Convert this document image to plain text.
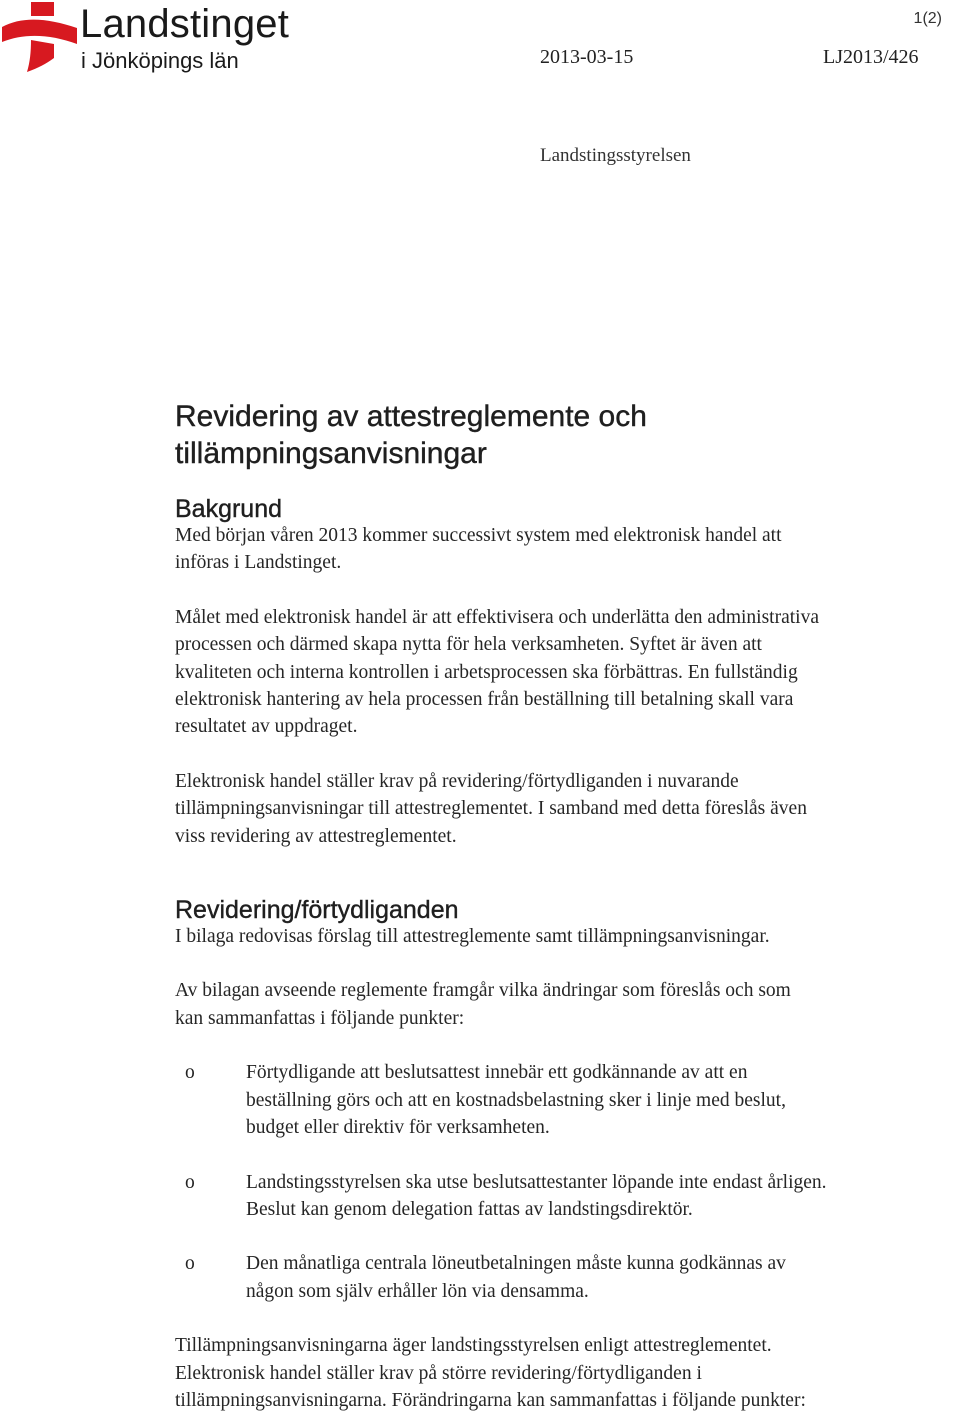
Landstinget
i Jönköpings län
1(2)
2013-03-15	LJ2013/426
Landstingsstyrelsen
Revidering av attestreglemente och
tillämpningsanvisningar
Bakgrund

Med början våren 2013 kommer successivt system med elektronisk handel att
införas i Landstinget.

Målet med elektronisk handel är att effektivisera och underlätta den administrativa
processen och därmed skapa nytta för hela verksamheten. Syftet är även att
kvaliteten och interna kontrollen i arbetsprocessen ska förbättras. En fullständig
elektronisk hantering av hela processen från beställning till betalning skall vara
resultatet av uppdraget.

Elektronisk handel ställer krav på revidering/förtydliganden i nuvarande
tillämpningsanvisningar till attestreglementet. I samband med detta föreslås även
viss revidering av attestreglementet.

Revidering/förtydliganden

I bilaga redovisas förslag till attestreglemente samt tillämpningsanvisningar.

Av bilagan avseende reglemente framgår vilka ändringar som föreslås och som
kan sammanfattas i följande punkter:

o	Förtydligande att beslutsattest innebär ett godkännande av att en
beställning görs och att en kostnadsbelastning sker i linje med beslut,
budget eller direktiv för verksamheten.

o	Landstingsstyrelsen ska utse beslutsattestanter löpande inte endast årligen.
Beslut kan genom delegation fattas av landstingsdirektör.

o	Den månatliga centrala löneutbetalningen måste kunna godkännas av
någon som själv erhåller lön via densamma.

Tillämpningsanvisningarna äger landstingsstyrelsen enligt attestreglementet.
Elektronisk handel ställer krav på större revidering/förtydliganden i
tillämpningsanvisningarna. Förändringarna kan sammanfattas i följande punkter:
